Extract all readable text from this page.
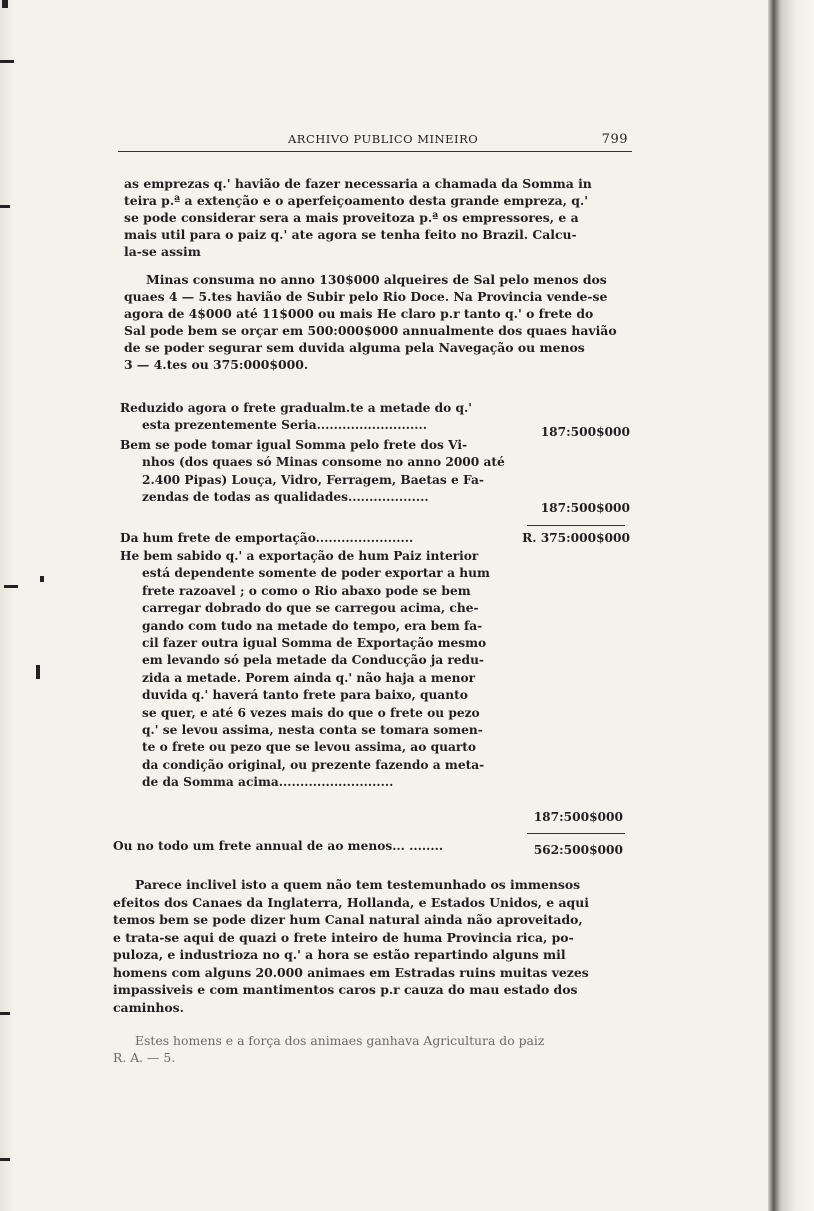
ARCHIVO PUBLICO MINEIRO	799
as emprezas q.' havião de fazer necessaria a chamada da Somma in
teira p.ª a extenção e o aperfeiçoamento desta grande empreza, q.'
se pode considerar sera a mais proveitoza p.ª os empressores, e a
mais util para o paiz q.' ate agora se tenha feito no Brazil. Calcu-
la-se assim
Minas consuma no anno 130$000 alqueires de Sal pelo menos dos
quaes 4 — 5.tes havião de Subir pelo Rio Doce. Na Provincia vende-se
agora de 4$000 até 11$000 ou mais He claro p.r tanto q.' o frete do
Sal pode bem se orçar em 500:000$000 annualmente dos quaes havião
de se poder segurar sem duvida alguma pela Navegação ou menos
3 — 4.tes ou 375:000$000.
Reduzido agora o frete gradualm.te a metade do q.'
esta prezentemente Seria..........................	187:500$000
Bem se pode tomar igual Somma pelo frete dos Vi-
nhos (dos quaes só Minas consome no anno 2000 até
2.400 Pipas) Louça, Vidro, Ferragem, Baetas e Fa-
zendas de todas as qualidades...................
187:500$000
Da hum frete de emportação.......................	R. 375:000$000
He bem sabido q.' a exportação de hum Paiz interior
está dependente somente de poder exportar a hum
frete razoavel ; o como o Rio abaxo pode se bem
carregar dobrado do que se carregou acima, che-
gando com tudo na metade do tempo, era bem fa-
cil fazer outra igual Somma de Exportação mesmo
em levando só pela metade da Conducção ja redu-
zida a metade. Porem ainda q.' não haja a menor
duvida q.' haverá tanto frete para baixo, quanto
se quer, e até 6 vezes mais do que o frete ou pezo
q.' se levou assima, nesta conta se tomara somen-
te o frete ou pezo que se levou assima, ao quarto
da condição original, ou prezente fazendo a meta-
de da Somma acima...........................
187:500$000
Ou no todo um frete annual de ao menos... ........	562:500$000
Parece inclivel isto a quem não tem testemunhado os immensos
efeitos dos Canaes da Inglaterra, Hollanda, e Estados Unidos, e aqui
temos bem se pode dizer hum Canal natural ainda não aproveitado,
e trata-se aqui de quazi o frete inteiro de huma Provincia rica, po-
puloza, e industrioza no q.' a hora se estão repartindo alguns mil
homens com alguns 20.000 animaes em Estradas ruins muitas vezes
impassiveis e com mantimentos caros p.r cauza do mau estado dos
caminhos.
Estes homens e a força dos animaes ganhava Agricultura do paiz
R. A. — 5.
